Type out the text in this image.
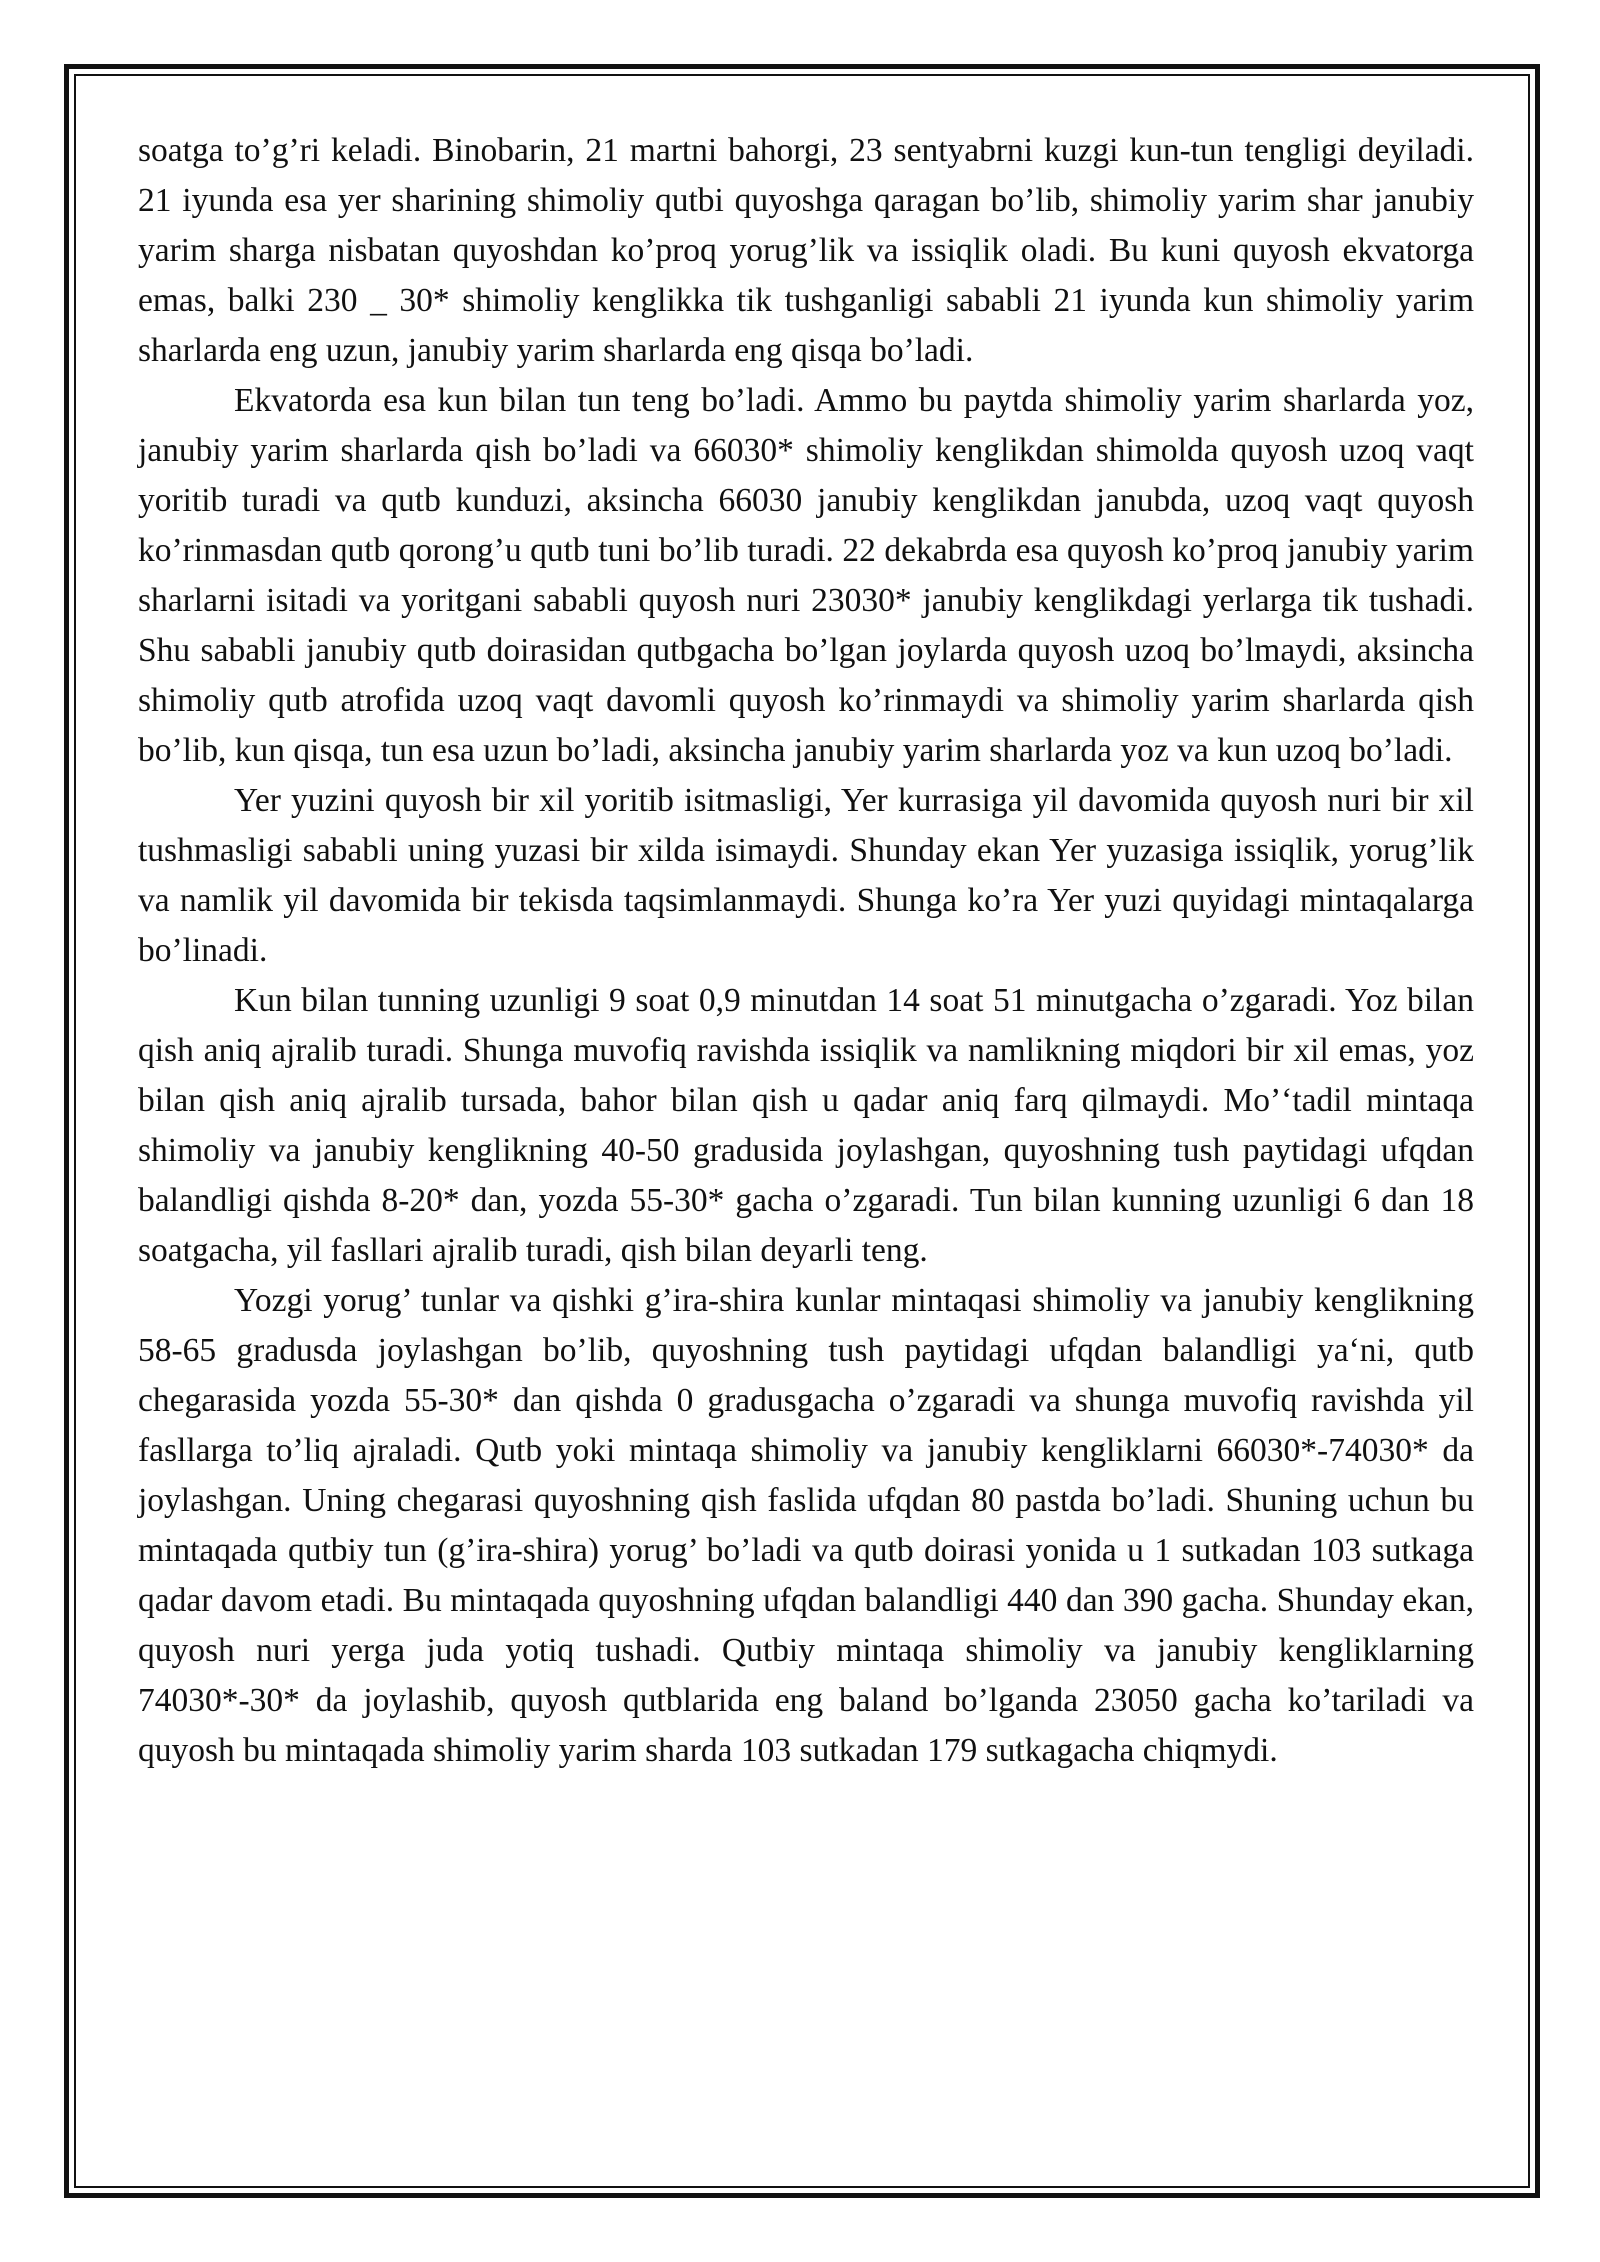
soatga to’g’ri keladi. Binobarin, 21 martni bahorgi, 23 sentyabrni kuzgi kun-tun tengligi deyiladi. 21 iyunda esa yer sharining shimoliy qutbi quyoshga qaragan bo’lib, shimoliy yarim shar janubiy yarim sharga nisbatan quyoshdan ko’proq yorug’lik va issiqlik oladi. Bu kuni quyosh ekvatorga emas, balki 230 _ 30* shimoliy kenglikka tik tushganligi sababli 21 iyunda kun shimoliy yarim sharlarda eng uzun, janubiy yarim sharlarda eng qisqa bo’ladi.

Ekvatorda esa kun bilan tun teng bo’ladi. Ammo bu paytda shimoliy yarim sharlarda yoz, janubiy yarim sharlarda qish bo’ladi va 66030* shimoliy kenglikdan shimolda quyosh uzoq vaqt yoritib turadi va qutb kunduzi, aksincha 66030 janubiy kenglikdan janubda, uzoq vaqt quyosh ko’rinmasdan qutb qorong’u qutb tuni bo’lib turadi. 22 dekabrda esa quyosh ko’proq janubiy yarim sharlarni isitadi va yoritgani sababli quyosh nuri 23030* janubiy kenglikdagi yerlarga tik tushadi. Shu sababli janubiy qutb doirasidan qutbgacha bo’lgan joylarda quyosh uzoq bo’lmaydi, aksincha shimoliy qutb atrofida uzoq vaqt davomli quyosh ko’rinmaydi va shimoliy yarim sharlarda qish bo’lib, kun qisqa, tun esa uzun bo’ladi, aksincha janubiy yarim sharlarda yoz va kun uzoq bo’ladi.

Yer yuzini quyosh bir xil yoritib isitmasligi, Yer kurrasiga yil davomida quyosh nuri bir xil tushmasligi sababli uning yuzasi bir xilda isimaydi. Shunday ekan Yer yuzasiga issiqlik, yorug’lik va namlik yil davomida bir tekisda taqsimlanmaydi. Shunga ko’ra Yer yuzi quyidagi mintaqalarga bo’linadi.

Kun bilan tunning uzunligi 9 soat 0,9 minutdan 14 soat 51 minutgacha o’zgaradi. Yoz bilan qish aniq ajralib turadi. Shunga muvofiq ravishda issiqlik va namlikning miqdori bir xil emas, yoz bilan qish aniq ajralib tursada, bahor bilan qish u qadar aniq farq qilmaydi. Mo’‘tadil mintaqa shimoliy va janubiy kenglikning 40-50 gradusida joylashgan, quyoshning tush paytidagi ufqdan balandligi qishda 8-20* dan, yozda 55-30* gacha o’zgaradi. Tun bilan kunning uzunligi 6 dan 18 soatgacha, yil fasllari ajralib turadi, qish bilan deyarli teng.

Yozgi yorug’ tunlar va qishki g’ira-shira kunlar mintaqasi shimoliy va janubiy kenglikning 58-65 gradusda joylashgan bo’lib, quyoshning tush paytidagi ufqdan balandligi ya‘ni, qutb chegarasida yozda 55-30* dan qishda 0 gradusgacha o’zgaradi va shunga muvofiq ravishda yil fasllarga to’liq ajraladi. Qutb yoki mintaqa shimoliy va janubiy kengliklarni 66030*-74030* da joylashgan. Uning chegarasi quyoshning qish faslida ufqdan 80 pastda bo’ladi. Shuning uchun bu mintaqada qutbiy tun (g’ira-shira) yorug’ bo’ladi va qutb doirasi yonida u 1 sutkadan 103 sutkaga qadar davom etadi. Bu mintaqada quyoshning ufqdan balandligi 440 dan 390 gacha. Shunday ekan, quyosh nuri yerga juda yotiq tushadi. Qutbiy mintaqa shimoliy va janubiy kengliklarning 74030*-30* da joylashib, quyosh qutblarida eng baland bo’lganda 23050 gacha ko’tariladi va quyosh bu mintaqada shimoliy yarim sharda 103 sutkadan 179 sutkagacha chiqmydi.
